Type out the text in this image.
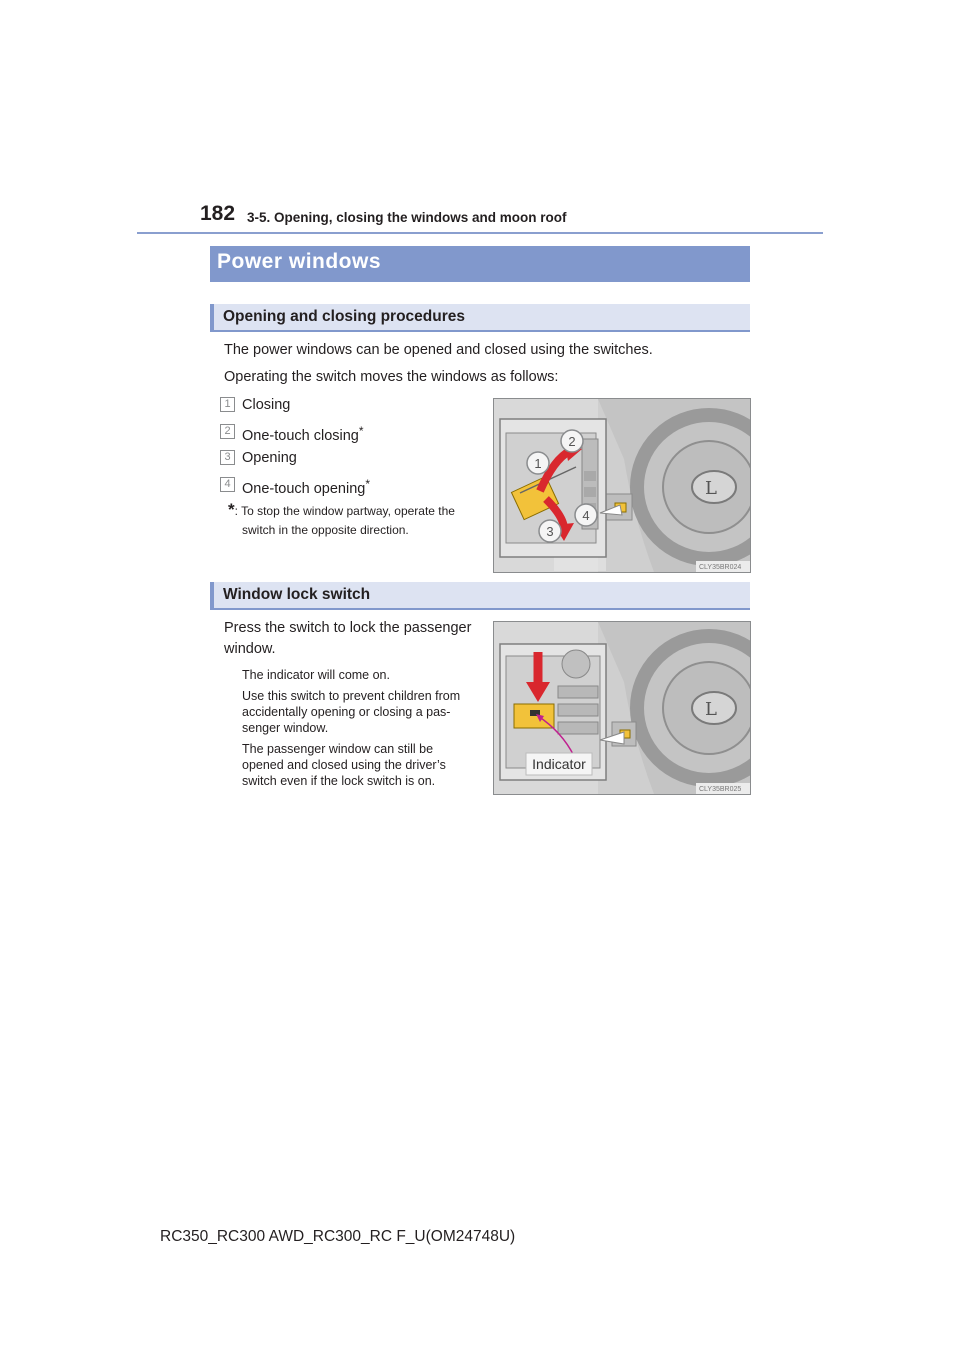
182 3-5. Opening, closing the windows and moon roof
Power windows
Opening and closing procedures
The power windows can be opened and closed using the switches.
Operating the switch moves the windows as follows:
1 Closing
2 One-touch closing*
3 Opening
4 One-touch opening*
*: To stop the window partway, operate the
switch in the opposite direction.
L
2
1
3
4
CLY35BR024
Window lock switch
Press the switch to lock the passenger
window.
The indicator will come on.
Use this switch to prevent children from
accidentally opening or closing a pas-
senger window.
The passenger window can still be
opened and closed using the driver’s
switch even if the lock switch is on.
L
Indicator
CLY35BR025
RC350_RC300 AWD_RC300_RC F_U(OM24748U)
